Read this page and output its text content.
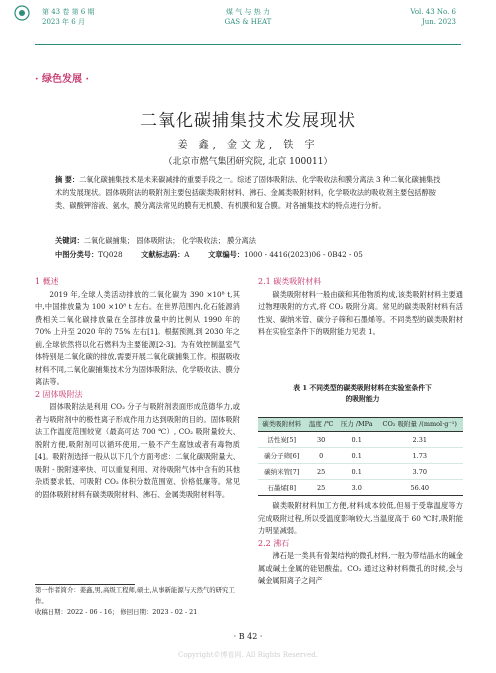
第 43 卷 第 6 期
2023 年 6 月
煤 气 与 热 力
GAS & HEAT
Vol. 43 No. 6
Jun. 2023
· 绿色发展 ·
二氧化碳捕集技术发展现状
姜 鑫, 金文龙, 铁 宇
（北京市燃气集团研究院, 北京 100011）
摘 要：二氧化碳捕集技术是未来碳减排的重要手段之一。综述了固体吸附法、化学吸收法和膜分离法 3 种二氧化碳捕集技术的发展现状。固体吸附法的吸附剂主要包括碳类吸附材料、沸石、金属类吸附材料，化学吸收法的吸收剂主要包括醇胺类、碳酸钾溶液、氨水，膜分离法常见的膜有无机膜、有机膜和复合膜。对各捕集技术的特点进行分析。
关键词：二氧化碳捕集； 固体吸附法； 化学吸收法； 膜分离法
中图分类号：TQ028	文献标志码：A	文章编号：1000 - 4416(2023)06 - 0B42 - 05
1 概述
2019 年,全球人类活动排放的二氧化碳为 390 ×10⁸ t,其中,中国排放量为 100 ×10⁸ t 左右。在世界范围内,化石能源消费相关二氧化碳排放量在全部排放量中的比例从 1990 年的 70% 上升至 2020 年的 75% 左右[1]。根据预测,到 2030 年之前,全球依然将以化石燃料为主要能源[2-3]。为有效控制温室气体特别是二氧化碳的排放,需要开展二氧化碳捕集工作。根据吸收材料不同,二氧化碳捕集技术分为固体吸附法、化学吸收法、膜分离法等。
2 固体吸附法
固体吸附法是利用 CO₂ 分子与吸附剂表面形成范德华力,或者与吸附剂中的极性离子形成作用力达到吸附的目的。固体吸附法工作温度范围较宽（最高可达 700 ℃）, CO₂ 吸附量较大、脱附方便,吸附剂可以循环使用,一般不产生腐蚀或者有毒物质[4]。吸附剂选择一般从以下几个方面考虑：二氧化碳吸附量大、吸附 - 脱附速率快、可以重复利用、对待吸附气体中含有的其他杂质要求低、可吸附 CO₂ 体积分数范围宽、价格低廉等。常见的固体吸附材料有碳类吸附材料、沸石、金属类吸附材料等。
2.1 碳类吸附材料
碳类吸附材料一般由碳和其他物质构成,该类吸附材料主要通过物理吸附的方式,将 CO₂ 吸附分离。常见的碳类吸附材料有活性炭、碳纳米管、碳分子筛和石墨烯等。不同类型的碳类吸附材料在实验室条件下的吸附能力见表 1。
表 1 不同类型的碳类吸附材料在实验室条件下
的吸附能力
碳类吸附材料	温度 /℃	压力 /MPa	CO₂ 吸附量 /(mmol·g⁻¹)
活性炭[5]	30	0.1	2.31
碳分子筛[6]	0	0.1	1.73
碳纳米管[7]	25	0.1	3.70
石墨烯[8]	25	3.0	56.40
碳类吸附材料加工方便,材料成本较低,但易于受靠温度等方完成吸附过程,所以受温度影响较大,当温度高于 60 ℃时,吸附能力明显减弱。
2.2 沸石
沸石是一类具有骨架结构的微孔材料,一般为带结晶水的碱金属或碱土金属的硅铝酸盐。CO₂ 通过这种材料微孔的时候,会与碱金属阳离子之间产
第一作者简介：姜鑫,男,高级工程师,硕士,从事新能源与天然气的研究工作。
收稿日期：2022 - 06 - 16； 修回日期：2023 - 02 - 21
· B 42 ·
Copyright©博看网. All Rights Reserved.
